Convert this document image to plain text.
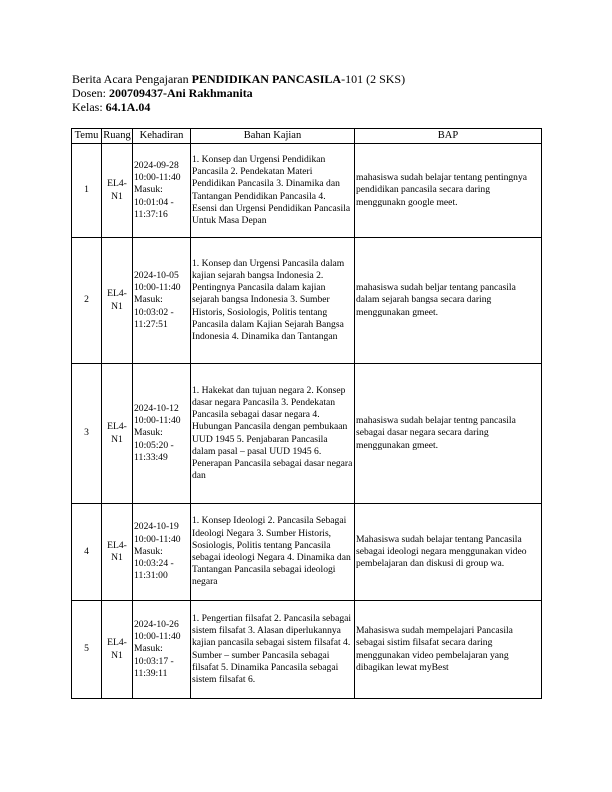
Berita Acara Pengajaran PENDIDIKAN PANCASILA-101 (2 SKS)
Dosen: 200709437-Ani Rakhmanita
Kelas: 64.1A.04
Temu	Ruang	Kehadiran	Bahan Kajian	BAP
1	EL4-N1	2024-09-28 10:00-11:40 Masuk: 10:01:04 - 11:37:16	1. Konsep dan Urgensi Pendidikan Pancasila 2. Pendekatan Materi Pendidikan Pancasila 3. Dinamika dan Tantangan Pendidikan Pancasila 4. Esensi dan Urgensi Pendidikan Pancasila Untuk Masa Depan	mahasiswa sudah belajar tentang pentingnya pendidikan pancasila secara daring menggunakn google meet.
2	EL4-N1	2024-10-05 10:00-11:40 Masuk: 10:03:02 - 11:27:51	1. Konsep dan Urgensi Pancasila dalam kajian sejarah bangsa Indonesia 2. Pentingnya Pancasila dalam kajian sejarah bangsa Indonesia 3. Sumber Historis, Sosiologis, Politis tentang Pancasila dalam Kajian Sejarah Bangsa Indonesia 4. Dinamika dan Tantangan	mahasiswa sudah beljar tentang pancasila dalam sejarah bangsa secara daring menggunakan gmeet.
3	EL4-N1	2024-10-12 10:00-11:40 Masuk: 10:05:20 - 11:33:49	1. Hakekat dan tujuan negara 2. Konsep dasar negara Pancasila 3. Pendekatan Pancasila sebagai dasar negara 4. Hubungan Pancasila dengan pembukaan UUD 1945 5. Penjabaran Pancasila dalam pasal – pasal UUD 1945 6. Penerapan Pancasila sebagai dasar negara dan	mahasiswa sudah belajar tentng pancasila sebagai dasar negara secara daring menggunakan gmeet.
4	EL4-N1	2024-10-19 10:00-11:40 Masuk: 10:03:24 - 11:31:00	1. Konsep Ideologi 2. Pancasila Sebagai Ideologi Negara 3. Sumber Historis, Sosiologis, Politis tentang Pancasila sebagai ideologi Negara 4. Dinamika dan Tantangan Pancasila sebagai ideologi negara	Mahasiswa sudah belajar tentang Pancasila sebagai ideologi negara menggunakan video pembelajaran dan diskusi di group wa.
5	EL4-N1	2024-10-26 10:00-11:40 Masuk: 10:03:17 - 11:39:11	1. Pengertian filsafat 2. Pancasila sebagai sistem filsafat 3. Alasan diperlukannya kajian pancasila sebagai sistem filsafat 4. Sumber – sumber Pancasila sebagai filsafat 5. Dinamika Pancasila sebagai sistem filsafat 6.	Mahasiswa sudah mempelajari Pancasila sebagai sistim filsafat secara daring menggunakan video pembelajaran yang dibagikan lewat myBest
